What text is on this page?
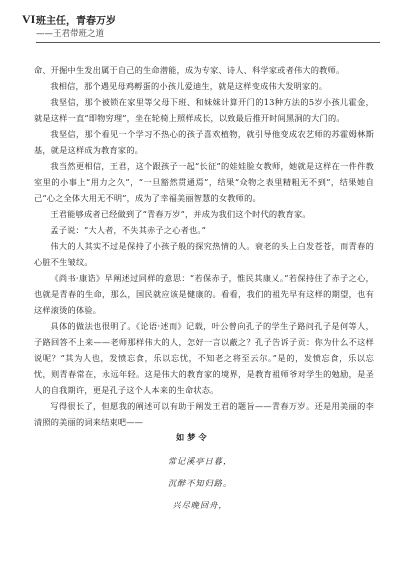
VI 班主任，青春万岁
——王君带班之道

命、开掘中生发出属于自己的生命潜能，成为专家、诗人、科学家或者伟大的教师。

我相信，那个遇见母鸡孵蛋的小孩儿爱迪生，就是这样变成伟大发明家的。

我坚信，那个被锁在家里等父母下班、和妹妹计算开门的13种方法的5岁小孩儿霍金，就是这样一直“即物穷理”，坐在轮椅上照样成长，以致最后推开时间黑洞的大门的。

我坚信，那个看见一个学习不热心的孩子喜欢植物，就引导他变成农艺师的苏霍姆林斯基，就是这样成为教育家的。

我当然更相信，王君，这个跟孩子一起“长征”的娃娃脸女教师，她就是这样在一件件教室里的小事上“用力之久”，“一旦豁然贯通焉”，结果“众物之表里精粗无不到”，结果她自己“心之全体大用无不明”，成为了幸福美丽智慧的女教师的。

王君能够成者已经做到了“青春万岁”，并成为我们这个时代的教育家。

孟子说：“大人者，不失其赤子之心者也。”

伟大的人其实不过是保持了小孩子般的探究热情的人。衰老的头上白发苍苍，而青春的心脏不生皱纹。

《尚书·康诰》早阐述过同样的意思：“若保赤子，惟民其康乂。”若保持住了赤子之心，也就是青春的生命，那么，国民就应该是健康的。看看，我们的祖先早有这样的期望，也有这样滚烫的体验。

具体的做法也很明了。《论语·述而》记载，叶公曾向孔子的学生子路问孔子是何等人，子路回答不上来——老师那样伟大的人，怎好一言以蔽之？孔子告诉子贡：你为什么不这样说呢？“其为人也，发愤忘食，乐以忘忧，不知老之将至云尔。”是的，发愤忘食，乐以忘忧，则青春常在，永远年轻。这是伟大的教育家的境界，是教育祖师爷对学生的勉励，是圣人的自我期许，更是孔子这个人本来的生命状态。

写得很长了，但愿我的阐述可以有助于阐发王君的题旨——青春万岁。还是用美丽的李清照的美丽的词来结束吧——

如梦令
常记溪亭日暮，
沉醉不知归路。
兴尽晚回舟，
